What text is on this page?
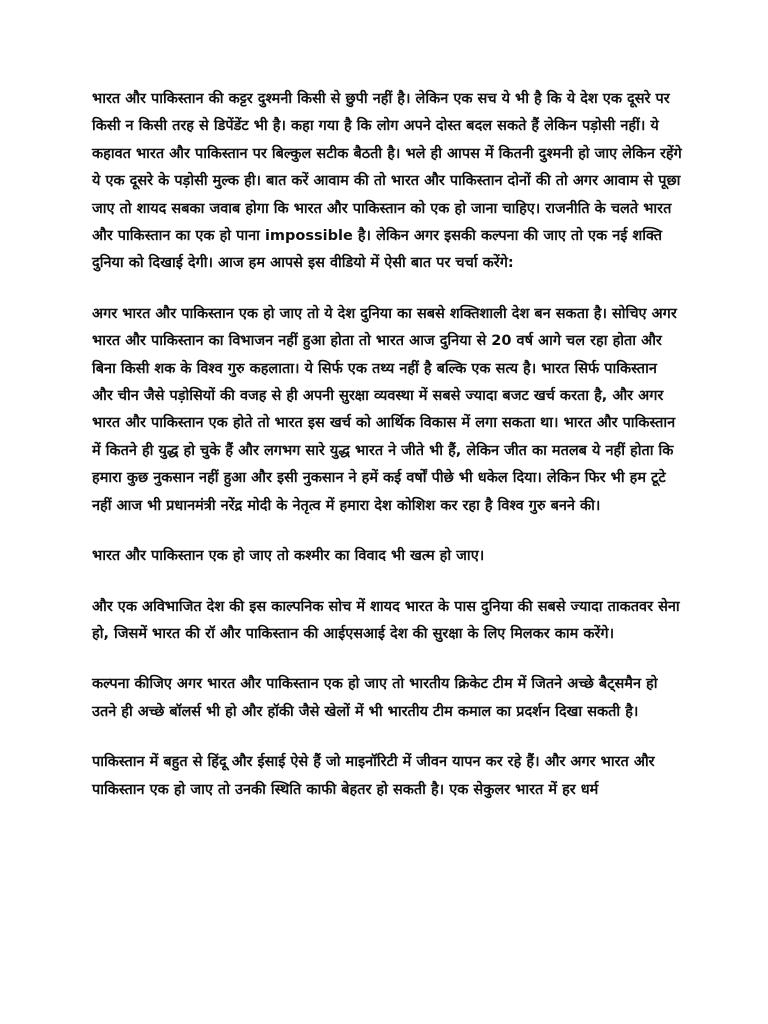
भारत और पाकिस्तान की कट्टर दुश्मनी किसी से छुपी नहीं है। लेकिन एक सच ये भी है कि ये देश एक दूसरे पर किसी न किसी तरह से डिपेंडेंट भी है। कहा गया है कि लोग अपने दोस्त बदल सकते हैं लेकिन पड़ोसी नहीं। ये कहावत भारत और पाकिस्तान पर बिल्कुल सटीक बैठती है। भले ही आपस में कितनी दुश्मनी हो जाए लेकिन रहेंगे ये एक दूसरे के पड़ोसी मुल्क ही। बात करें आवाम की तो भारत और पाकिस्तान दोनों की तो अगर आवाम से पूछा जाए तो शायद सबका जवाब होगा कि भारत और पाकिस्तान को एक हो जाना चाहिए। राजनीति के चलते भारत और पाकिस्तान का एक हो पाना impossible है। लेकिन अगर इसकी कल्पना की जाए तो एक नई शक्ति दुनिया को दिखाई देगी। आज हम आपसे इस वीडियो में ऐसी बात पर चर्चा करेंगे:

अगर भारत और पाकिस्तान एक हो जाए तो ये देश दुनिया का सबसे शक्तिशाली देश बन सकता है। सोचिए अगर भारत और पाकिस्तान का विभाजन नहीं हुआ होता तो भारत आज दुनिया से 20 वर्ष आगे चल रहा होता और बिना किसी शक के विश्व गुरु कहलाता। ये सिर्फ एक तथ्य नहीं है बल्कि एक सत्य है। भारत सिर्फ पाकिस्तान और चीन जैसे पड़ोसियों की वजह से ही अपनी सुरक्षा व्यवस्था में सबसे ज्यादा बजट खर्च करता है, और अगर भारत और पाकिस्तान एक होते तो भारत इस खर्च को आर्थिक विकास में लगा सकता था। भारत और पाकिस्तान में कितने ही युद्ध हो चुके हैं और लगभग सारे युद्ध भारत ने जीते भी हैं, लेकिन जीत का मतलब ये नहीं होता कि हमारा कुछ नुकसान नहीं हुआ और इसी नुकसान ने हमें कई वर्षों पीछे भी धकेल दिया। लेकिन फिर भी हम टूटे नहीं आज भी प्रधानमंत्री नरेंद्र मोदी के नेतृत्व में हमारा देश कोशिश कर रहा है विश्व गुरु बनने की।

भारत और पाकिस्तान एक हो जाए तो कश्मीर का विवाद भी खत्म हो जाए।

और एक अविभाजित देश की इस काल्पनिक सोच में शायद भारत के पास दुनिया की सबसे ज्यादा ताकतवर सेना हो, जिसमें भारत की रॉ और पाकिस्तान की आईएसआई देश की सुरक्षा के लिए मिलकर काम करेंगे।

कल्पना कीजिए अगर भारत और पाकिस्तान एक हो जाए तो भारतीय क्रिकेट टीम में जितने अच्छे बैट्समैन हो उतने ही अच्छे बॉलर्स भी हो और हॉकी जैसे खेलों में भी भारतीय टीम कमाल का प्रदर्शन दिखा सकती है।

पाकिस्तान में बहुत से हिंदू और ईसाई ऐसे हैं जो माइनॉरिटी में जीवन यापन कर रहे हैं। और अगर भारत और पाकिस्तान एक हो जाए तो उनकी स्थिति काफी बेहतर हो सकती है। एक सेकुलर भारत में हर धर्म
